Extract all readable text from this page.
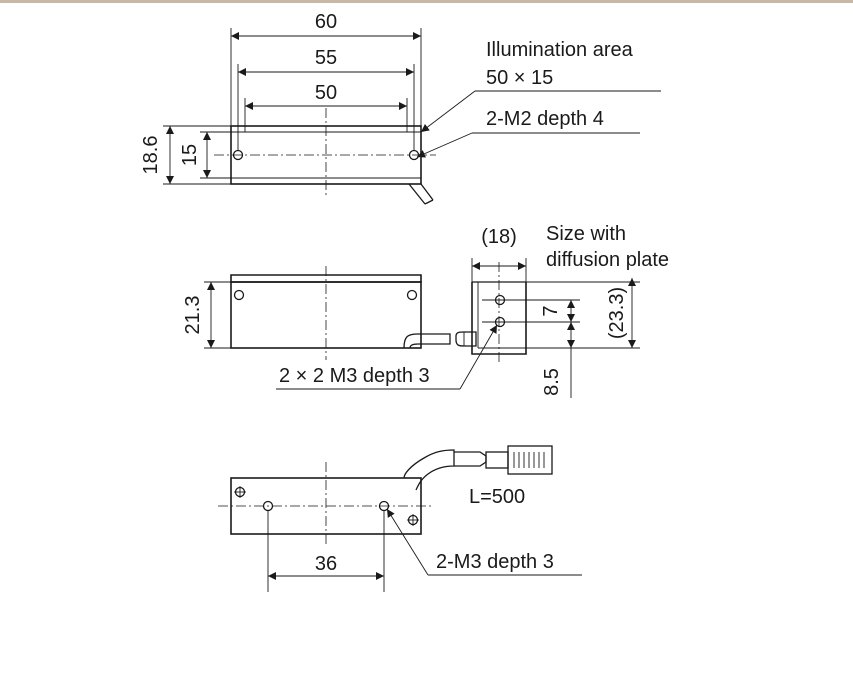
60
55
50
18.6 15
Illumination area
50 × 15
2-M2 depth 4
21.3
(18) Size with
diffusion plate
7
8.5
(23.3)
2 × 2 M3 depth 3
L=500
36	2-M3 depth 3
